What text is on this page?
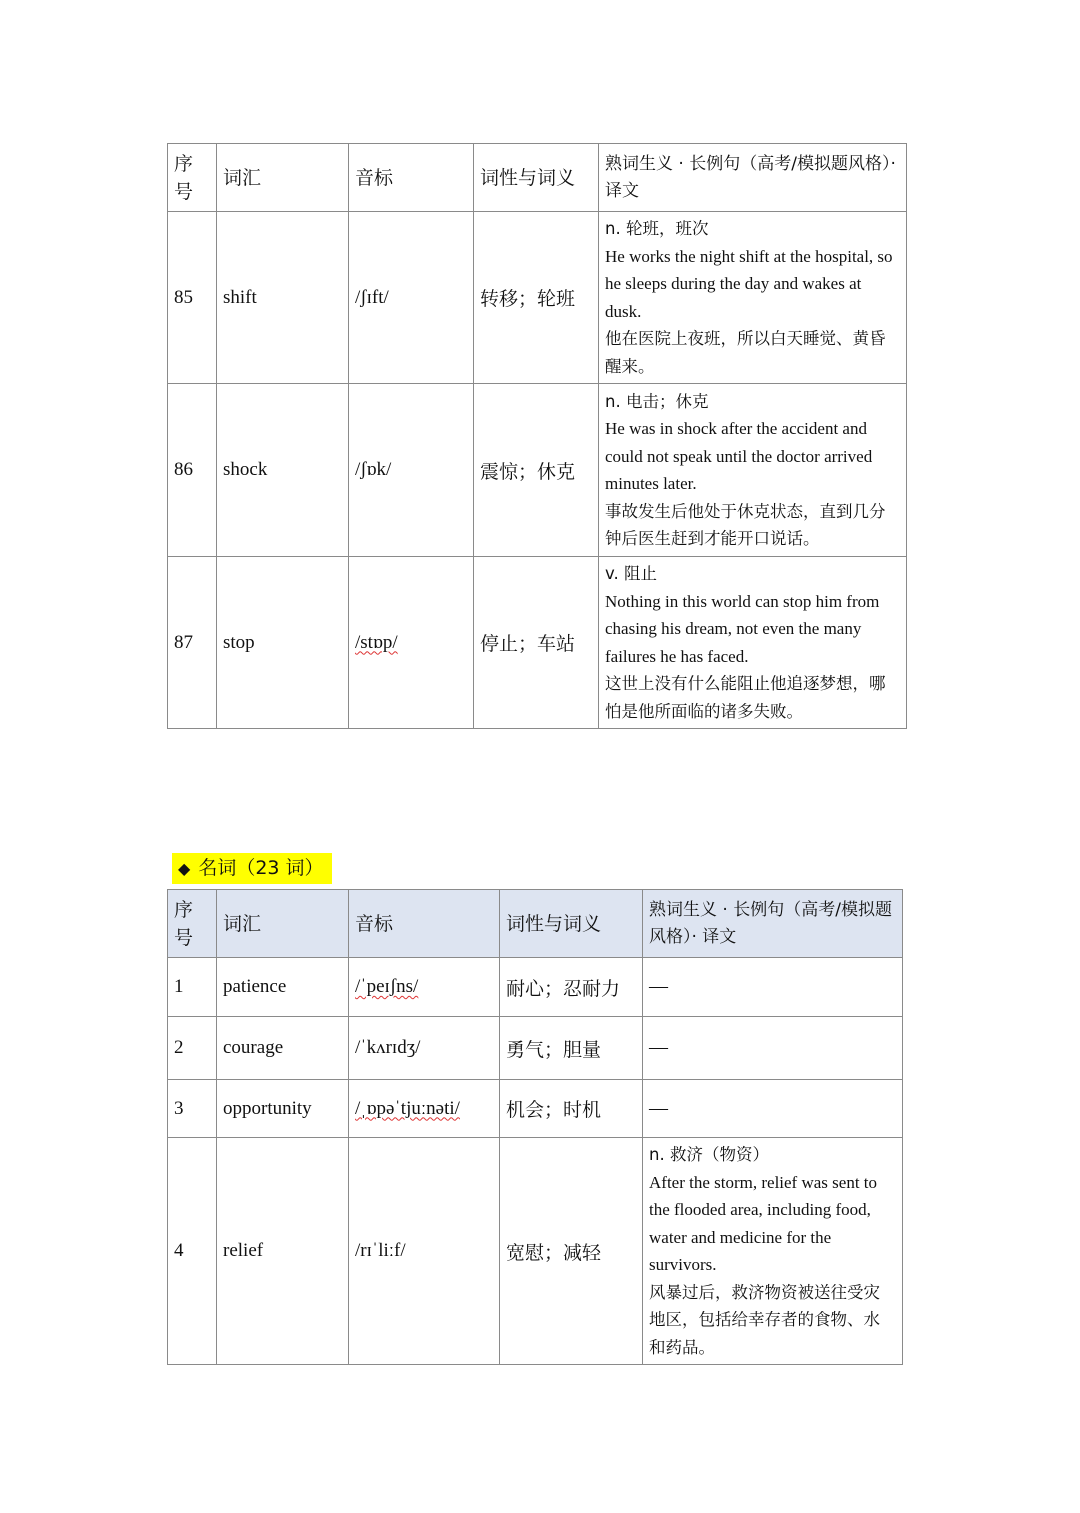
序号	词汇	音标	词性与词义	熟词生义 · 长例句（高考/模拟题风格）· 译文
85	shift	/ʃɪft/	转移；轮班	n. 轮班，班次
He works the night shift at the hospital, so he sleeps during the day and wakes at dusk.
他在医院上夜班，所以白天睡觉、黄昏醒来。

86	shock	/ʃɒk/	震惊；休克	n. 电击；休克
He was in shock after the accident and could not speak until the doctor arrived minutes later.
事故发生后他处于休克状态，直到几分钟后医生赶到才能开口说话。

87	stop	/stɒp/	停止；车站	v. 阻止
Nothing in this world can stop him from chasing his dream, not even the many failures he has faced.
这世上没有什么能阻止他追逐梦想，哪怕是他所面临的诸多失败。
◆ 名词（23 词）
序号	词汇	音标	词性与词义	熟词生义 · 长例句（高考/模拟题风格）· 译文
1	patience	/ˈpeɪʃns/	耐心；忍耐力	—
2	courage	/ˈkʌrɪdʒ/	勇气；胆量	—
3	opportunity	/ˌɒpəˈtjuːnəti/	机会；时机	—
4	relief	/rɪˈliːf/	宽慰；减轻	n. 救济（物资）
After the storm, relief was sent to the flooded area, including food, water and medicine for the survivors.
风暴过后，救济物资被送往受灾地区，包括给幸存者的食物、水和药品。
